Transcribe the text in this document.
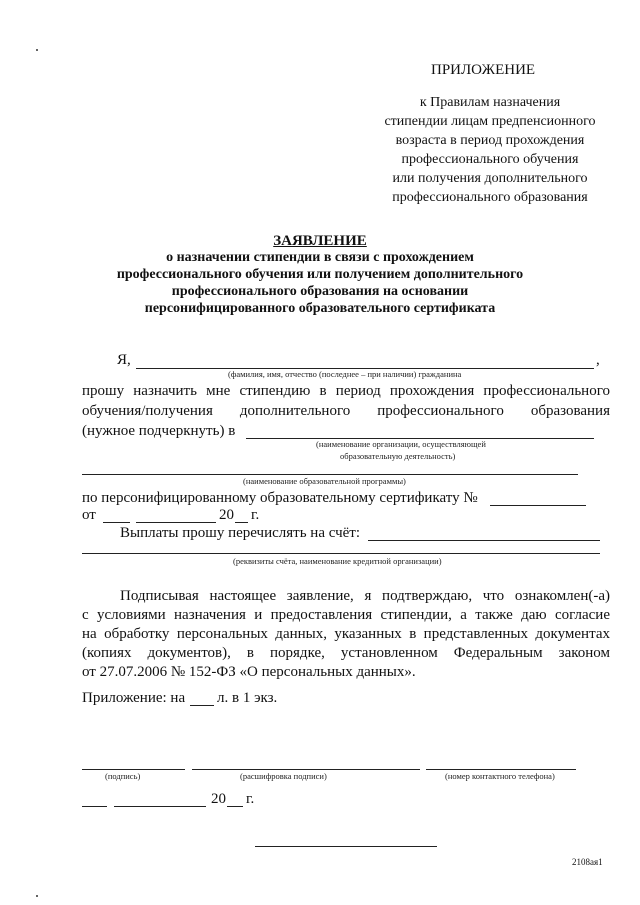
ПРИЛОЖЕНИЕ
к Правилам назначения
стипендии лицам предпенсионного
возраста в период прохождения
профессионального обучения
или получения дополнительного
профессионального образования
ЗАЯВЛЕНИЕ
о назначении стипендии в связи с прохождением
профессионального обучения или получением дополнительного
профессионального образования на основании
персонифицированного образовательного сертификата
Я,	,
(фамилия, имя, отчество (последнее – при наличии) гражданина
прошу назначить мне стипендию в период прохождения профессионального
обучения/получения дополнительного профессионального образования
(нужное подчеркнуть) в
(наименование организации, осуществляющей
образовательную деятельность)
(наименование образовательной программы)
по персонифицированному образовательному сертификату №
от	20 г.
Выплаты прошу перечислять на счёт:
(реквизиты счёта, наименование кредитной организации)
Подписывая настоящее заявление, я подтверждаю, что ознакомлен(-а)
с условиями назначения и предоставления стипендии, а также даю согласие
на обработку персональных данных, указанных в представленных документах
(копиях документов), в порядке, установленном Федеральным законом
от 27.07.2006 № 152-ФЗ «О персональных данных».
Приложение: на л. в 1 экз.
(подпись)	(расшифровка подписи)	(номер контактного телефона)
20 г.
2108ая1
